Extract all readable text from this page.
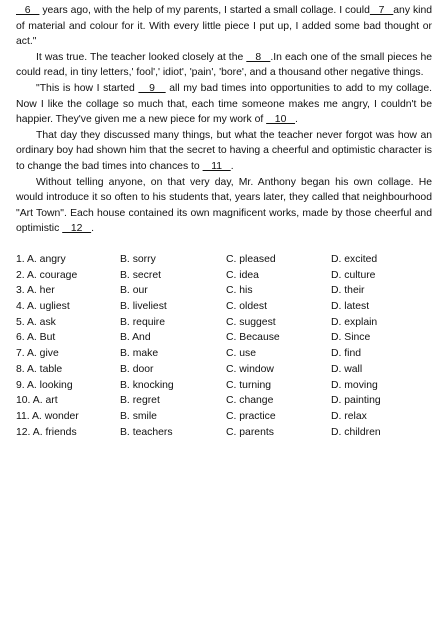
6    years ago, with the help of my parents, I started a small collage. I could   7   any kind of material and colour for it. With every little piece I put up, I added some bad thought or act."

It was true. The teacher looked closely at the    8   .In each one of the small pieces he could read, in tiny letters,' fool',' idiot', 'pain', 'bore', and a thousand other negative things.

"This is how I started    9    all my bad times into opportunities to add to my collage. Now I like the collage so much that, each time someone makes me angry, I couldn't be happier. They've given me a new piece for my work of    10   .

That day they discussed many things, but what the teacher never forgot was how an ordinary boy had shown him that the secret to having a cheerful and optimistic character is to change the bad times into chances to    11   .

Without telling anyone, on that very day, Mr. Anthony began his own collage. He would introduce it so often to his students that, years later, they called that neighbourhood "Art Town". Each house contained its own magnificent works, made by those cheerful and optimistic    12   .

1. A. angry	B. sorry	C. pleased	D. excited
2. A. courage	B. secret	C. idea	D. culture
3. A. her	B. our	C. his	D. their
4. A. ugliest	B. liveliest	C. oldest	D. latest
5. A. ask	B. require	C. suggest	D. explain
6. A. But	B. And	C. Because	D. Since
7. A. give	B. make	C. use	D. find
8. A. table	B. door	C. window	D. wall
9. A. looking	B. knocking	C. turning	D. moving
10. A. art	B. regret	C. change	D. painting
11. A. wonder	B. smile	C. practice	D. relax
12. A. friends	B. teachers	C. parents	D. children
